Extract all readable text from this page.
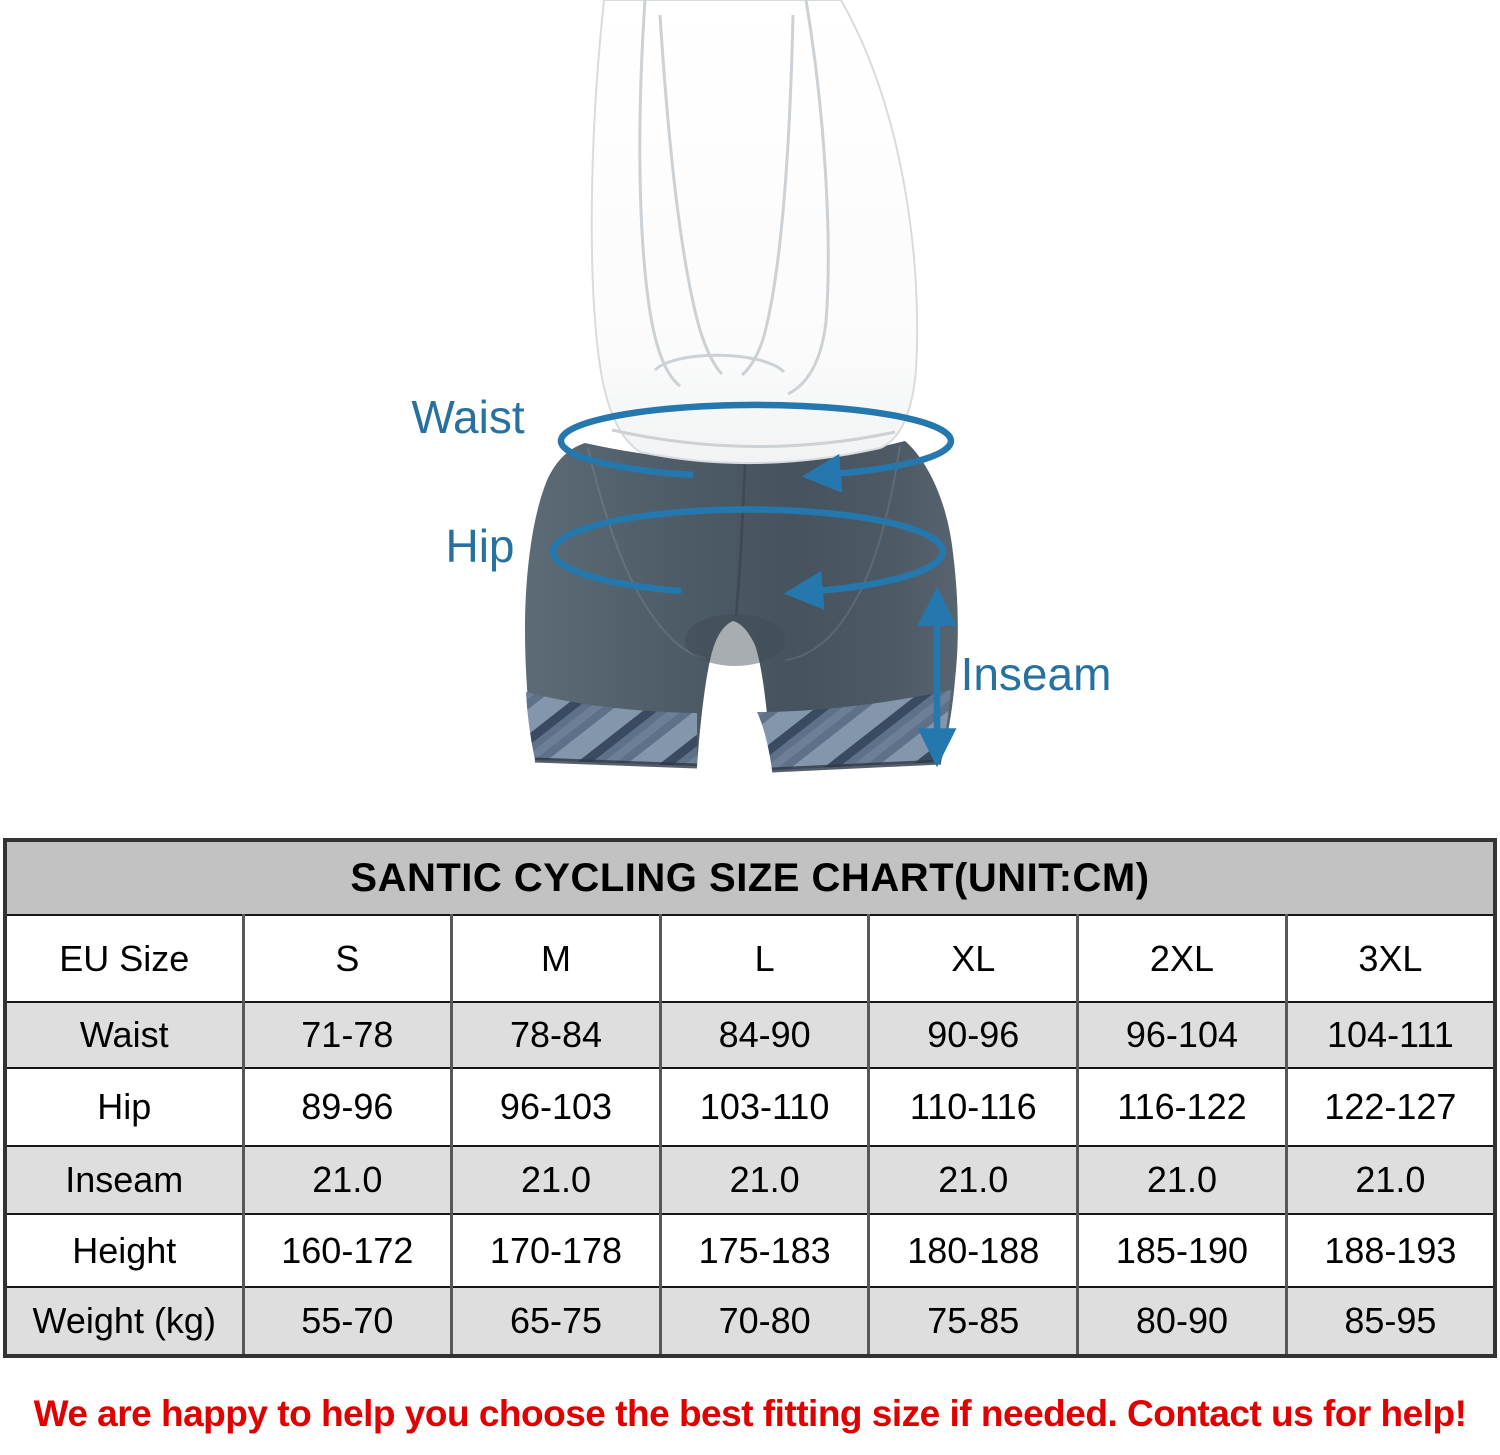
Waist
Hip
Inseam
SANTIC CYCLING SIZE CHART(UNIT:CM)						
EU Size	S	M	L	XL	2XL	3XL
Waist	71-78	78-84	84-90	90-96	96-104	104-111
Hip	89-96	96-103	103-110	110-116	116-122	122-127
Inseam	21.0	21.0	21.0	21.0	21.0	21.0
Height	160-172	170-178	175-183	180-188	185-190	188-193
Weight (kg)	55-70	65-75	70-80	75-85	80-90	85-95
We are happy to help you choose the best fitting size if needed. Contact us for help!
